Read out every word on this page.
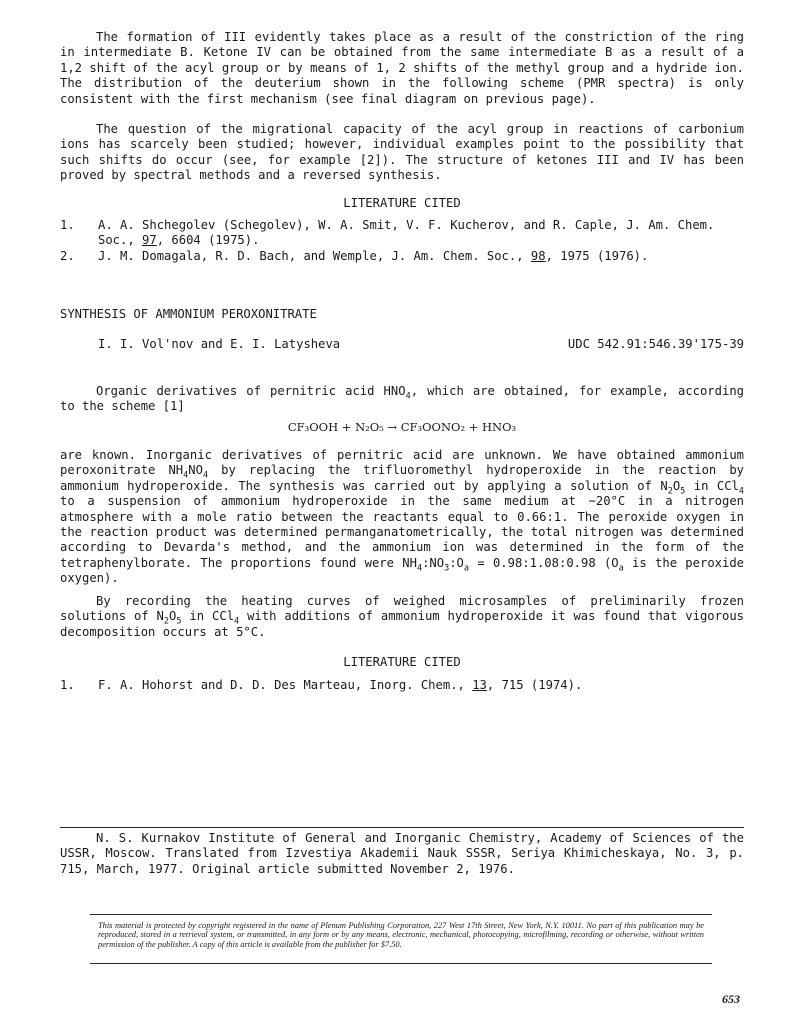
The formation of III evidently takes place as a result of the constriction of the ring in intermediate B. Ketone IV can be obtained from the same intermediate B as a result of a 1,2 shift of the acyl group or by means of 1, 2 shifts of the methyl group and a hydride ion. The distribution of the deuterium shown in the following scheme (PMR spectra) is only consistent with the first mechanism (see final diagram on previous page).

The question of the migrational capacity of the acyl group in reactions of carbonium ions has scarcely been studied; however, individual examples point to the possibility that such shifts do occur (see, for example [2]). The structure of ketones III and IV has been proved by spectral methods and a reversed synthesis.

LITERATURE CITED
1.	A. A. Shchegolev (Schegolev), W. A. Smit, V. F. Kucherov, and R. Caple, J. Am. Chem. Soc., 97, 6604 (1975).
2.	J. M. Domagala, R. D. Bach, and Wemple, J. Am. Chem. Soc., 98, 1975 (1976).
SYNTHESIS OF AMMONIUM PEROXONITRATE
I. I. Vol'nov and E. I. Latysheva	UDC 542.91:546.39'175-39

Organic derivatives of pernitric acid $HNO_4$, which are obtained, for example, according to the scheme [1]

CF₃OOH + N₂O₅ → CF₃OONO₂ + HNO₃

are known. Inorganic derivatives of pernitric acid are unknown. We have obtained ammonium peroxonitrate $NH_4NO_4$ by replacing the trifluoromethyl hydroperoxide in the reaction by ammonium hydroperoxide. The synthesis was carried out by applying a solution of $N_2O_5$ in CCl$_4$ to a suspension of ammonium hydroperoxide in the same medium at −20°C in a nitrogen atmosphere with a mole ratio between the reactants equal to 0.66:1. The peroxide oxygen in the reaction product was determined permanganatometrically, the total nitrogen was determined according to Devarda's method, and the ammonium ion was determined in the form of the tetraphenylborate. The proportions found were $NH_4:NO_3:O_a$ = 0.98:1.08:0.98 ($O_a$ is the peroxide oxygen).

By recording the heating curves of weighed microsamples of preliminarily frozen solutions of $N_2O_5$ in CCl$_4$ with additions of ammonium hydroperoxide it was found that vigorous decomposition occurs at 5°C.

LITERATURE CITED
1.	F. A. Hohorst and D. D. Des Marteau, Inorg. Chem., 13, 715 (1974).

N. S. Kurnakov Institute of General and Inorganic Chemistry, Academy of Sciences of the USSR, Moscow. Translated from Izvestiya Akademii Nauk SSSR, Seriya Khimicheskaya, No. 3, p. 715, March, 1977. Original article submitted November 2, 1976.

This material is protected by copyright registered in the name of Plenum Publishing Corporation, 227 West 17th Street, New York, N.Y. 10011. No part of this publication may be reproduced, stored in a retrieval system, or transmitted, in any form or by any means, electronic, mechanical, photocopying, microfilming, recording or otherwise, without written permission of the publisher. A copy of this article is available from the publisher for $7.50.

653
